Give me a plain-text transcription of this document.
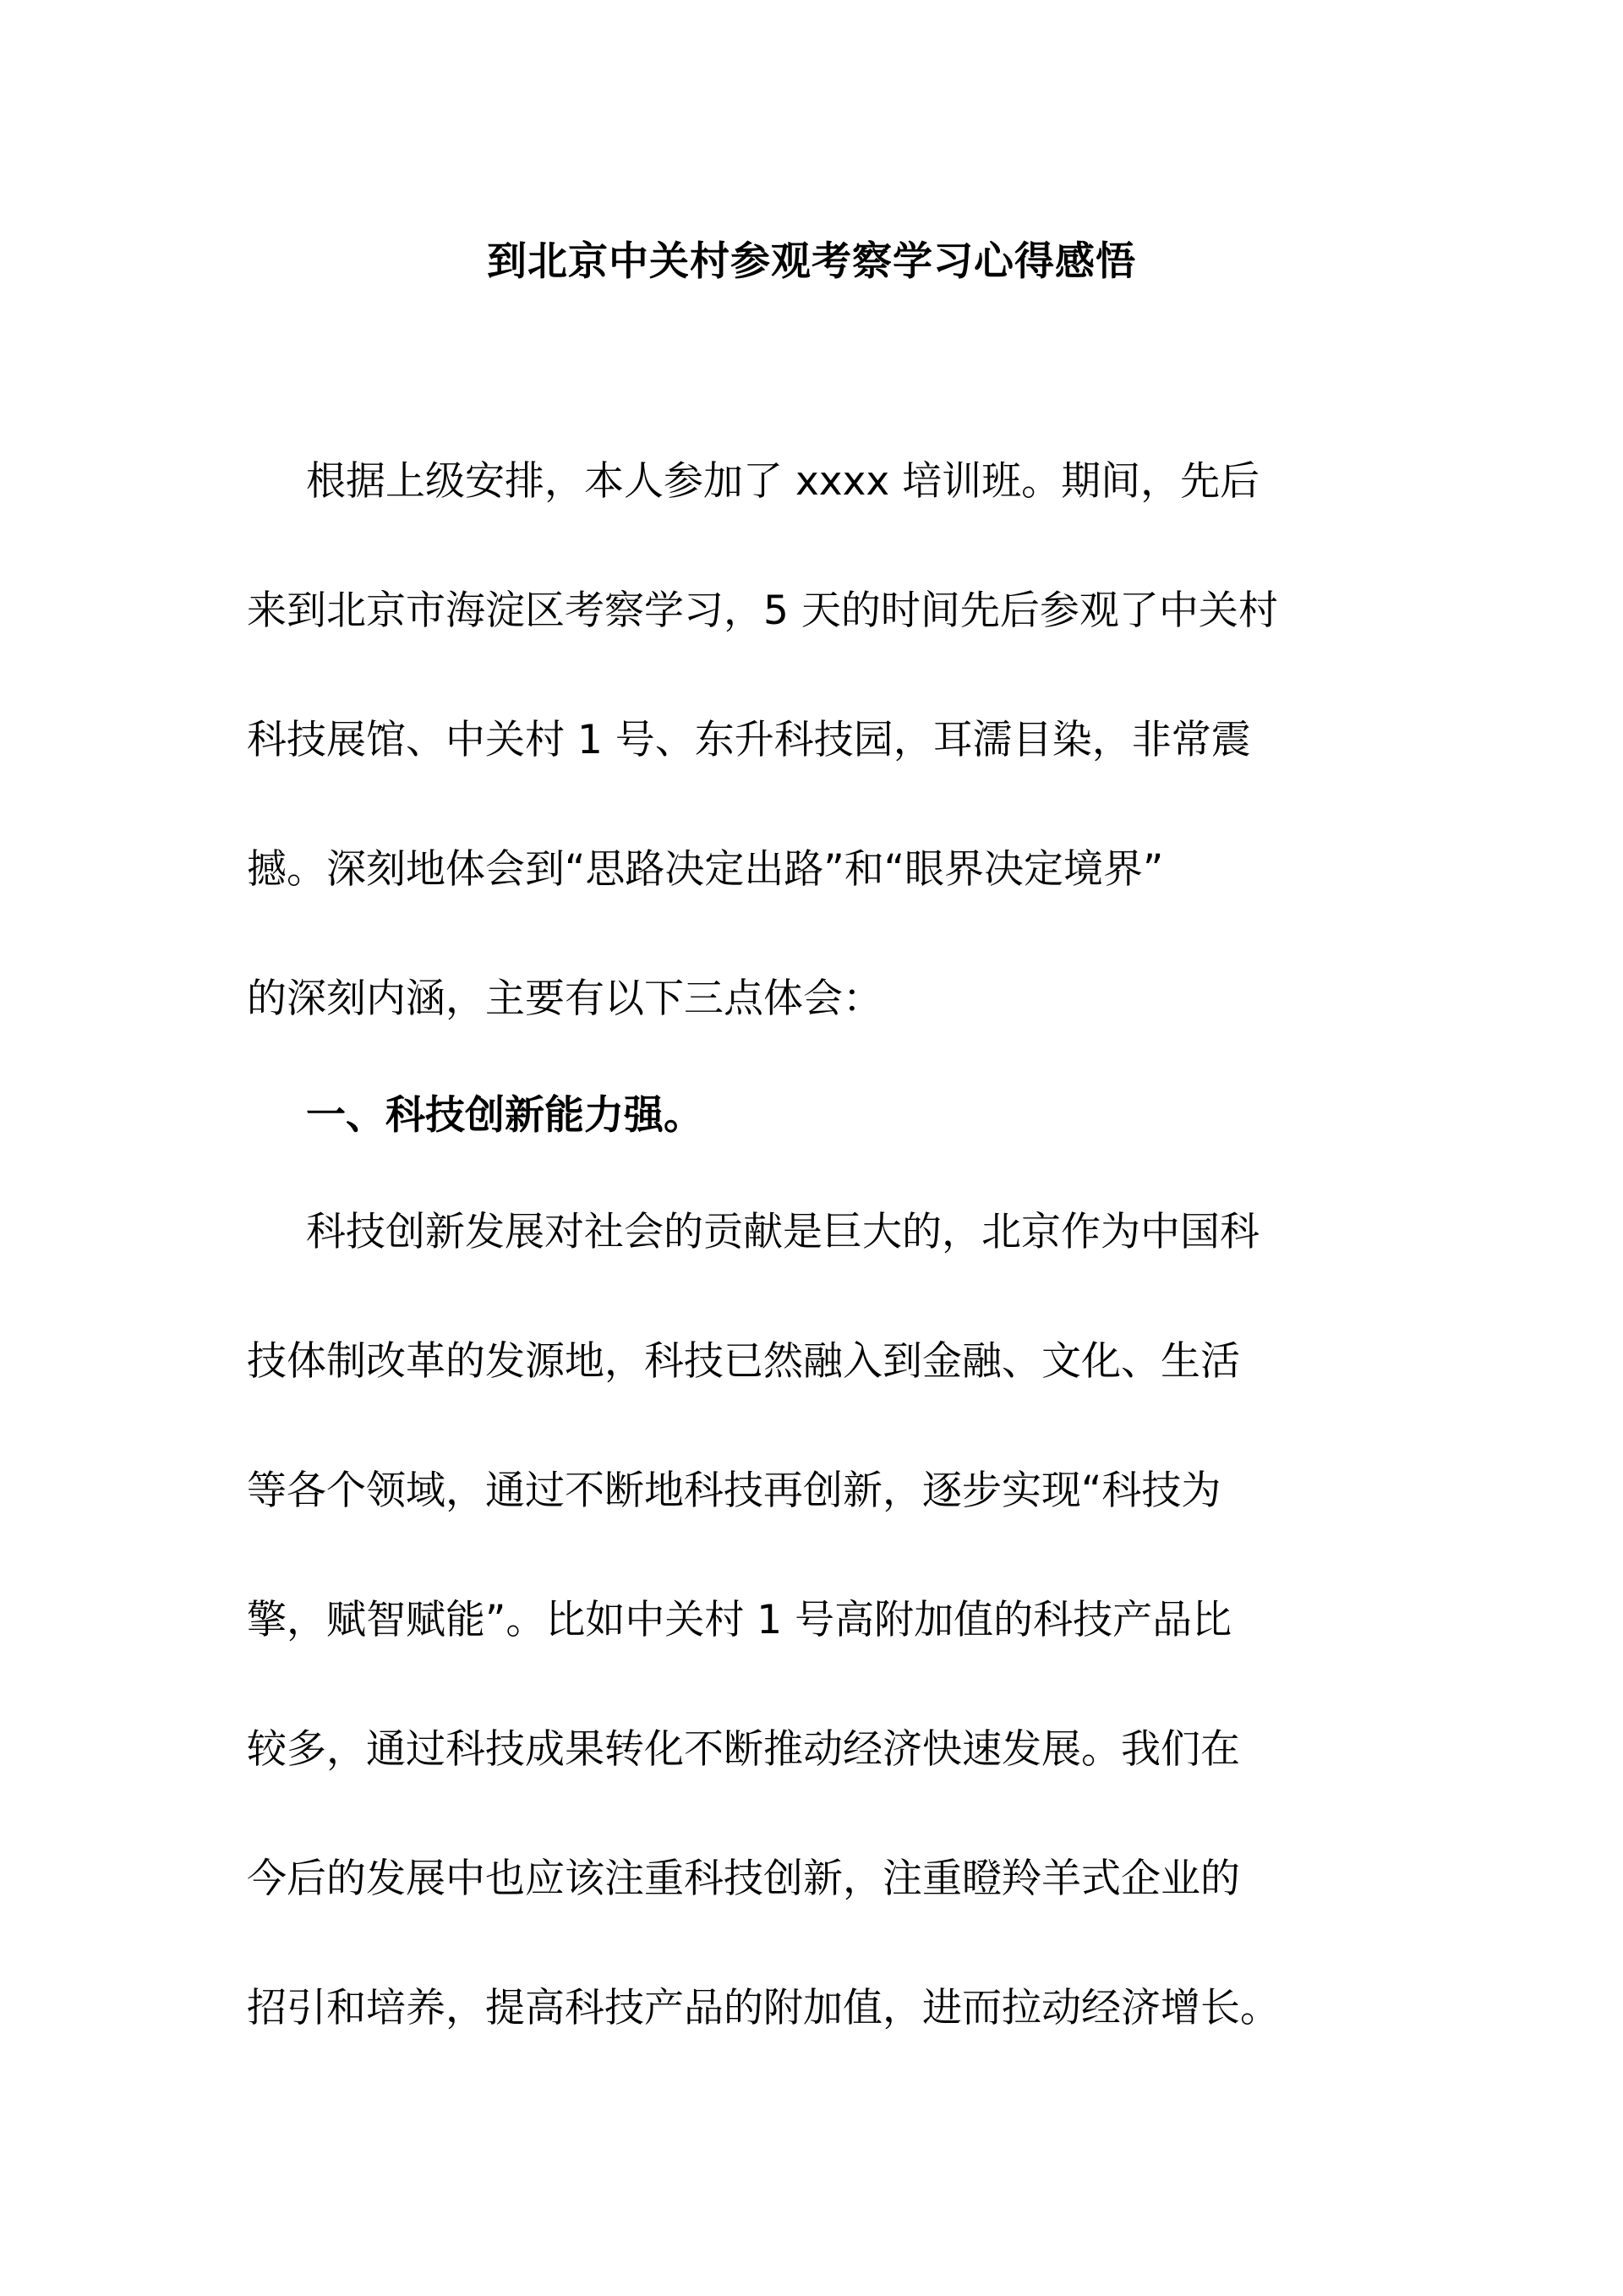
到北京中关村参观考察学习心得感悟

根据上级安排，本人参加了 xxxx 培训班。期间，先后

来到北京市海淀区考察学习，5 天的时间先后参观了中关村

科技展馆、中关村 1 号、东升科技园，耳濡目染，非常震

撼。深刻地体会到“思路决定出路”和“眼界决定境界”

的深刻内涵，主要有以下三点体会：

一、科技创新能力强。

科技创新发展对社会的贡献是巨大的，北京作为中国科

技体制改革的发源地，科技已然融入到金融、文化、生活

等各个领域，通过不断地科技再创新，逐步实现“科技为

擎，赋智赋能”。比如中关村 1 号高附加值的科技产品比

较多，通过科技成果转化不断推动经济快速发展。我们在

今后的发展中也应该注重科技创新，注重瞪羚羊式企业的

招引和培养，提高科技产品的附加值，进而拉动经济增长。
